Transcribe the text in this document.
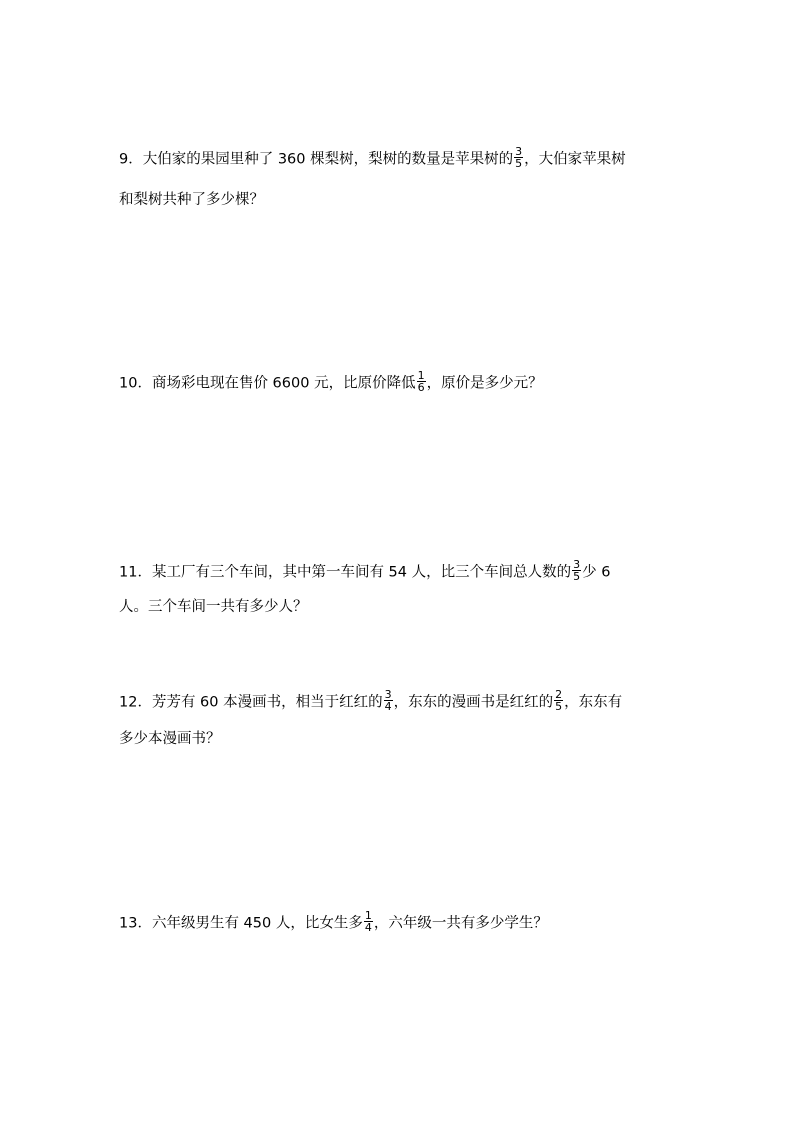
9．大伯家的果园里种了 360 棵梨树，梨树的数量是苹果树的 $\frac{3}{5}$ ，大伯家苹果树
和梨树共种了多少棵？
10．商场彩电现在售价 6600 元，比原价降低 $\frac{1}{6}$ ，原价是多少元？
11．某工厂有三个车间，其中第一车间有 54 人，比三个车间总人数的 $\frac{3}{5}$ 少 6
人。三个车间一共有多少人？
12．芳芳有 60 本漫画书，相当于红红的 $\frac{3}{4}$ ，东东的漫画书是红红的 $\frac{2}{5}$ ，东东有
多少本漫画书？
13．六年级男生有 450 人，比女生多 $\frac{1}{4}$ ，六年级一共有多少学生？
